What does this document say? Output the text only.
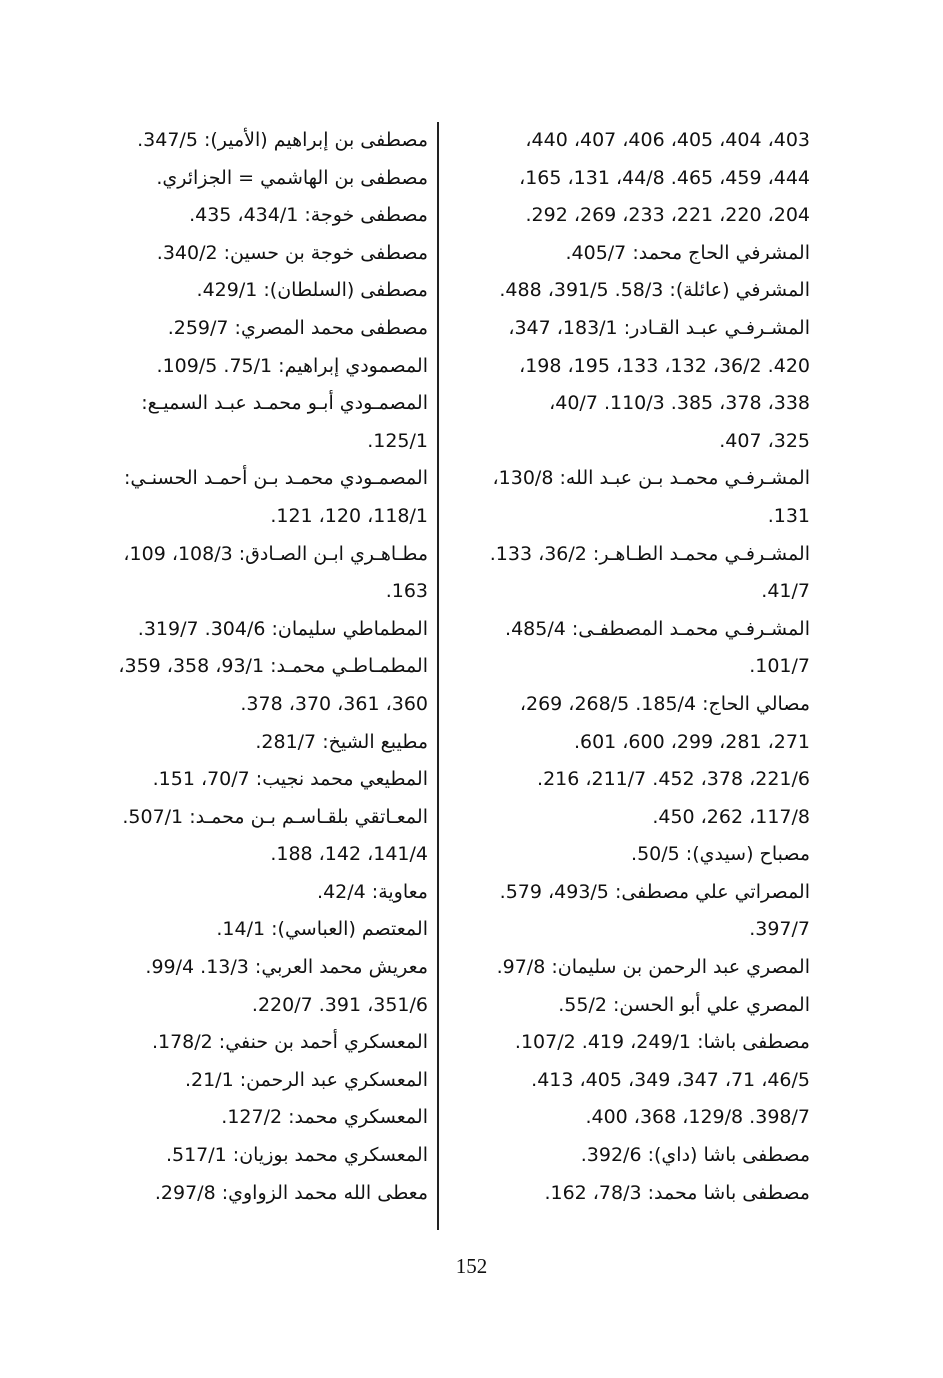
403، 404، 405، 406، 407، 440،
444، 459، 465. 44/8، 131، 165،
204، 220، 221، 233، 269، 292.
المشرفي الحاج محمد: 405/7.
المشرفي (عائلة): 58/3. 391/5، 488.
المشـرفـي عبـد القـادر: 183/1، 347،
420. 36/2، 132، 133، 195، 198،
338، 378، 385. 110/3. 40/7،
325، 407.
المشـرفـي محمـد بـن عبـد الله: 130/8،
131.
المشـرفـي محمـد الطـاهـر: 36/2، 133.
41/7.
المشـرفـي محمـد المصطفـى: 485/4.
101/7.
مصالي الحاج: 185/4. 268/5، 269،
271، 281، 299، 600، 601.
221/6، 378، 452. 211/7، 216.
117/8، 262، 450.
مصباح (سيدي): 50/5.
المصراتي علي مصطفى: 493/5، 579.
397/7.
المصري عبد الرحمن بن سليمان: 97/8.
المصري علي أبو الحسن: 55/2.
مصطفى باشا: 249/1، 419. 107/2.
46/5، 71، 347، 349، 405، 413.
398/7. 129/8، 368، 400.
مصطفى باشا (داي): 392/6.
مصطفى باشا محمد: 78/3، 162.
مصطفى بن إبراهيم (الأمير): 347/5.
مصطفى بن الهاشمي = الجزائري.
مصطفى خوجة: 434/1، 435.
مصطفى خوجة بن حسين: 340/2.
مصطفى (السلطان): 429/1.
مصطفى محمد المصري: 259/7.
المصمودي إبراهيم: 75/1. 109/5.
المصمـودي أبـو محمـد عبـد السميـع:
125/1.
المصمـودي محمـد بـن أحمـد الحسنـي:
118/1، 120، 121.
مطـاهـري ابـن الصـادق: 108/3، 109،
163.
المطماطي سليمان: 304/6. 319/7.
المطمـاطـي محمـد: 93/1، 358، 359،
360، 361، 370، 378.
مطيبع الشيخ: 281/7.
المطيعي محمد نجيب: 70/7، 151.
المعـاتقي بلقـاسـم بـن محمـد: 507/1.
141/4، 142، 188.
معاوية: 42/4.
المعتصم (العباسي): 14/1.
معريش محمد العربي: 13/3. 99/4.
351/6، 391. 220/7.
المعسكري أحمد بن حنفي: 178/2.
المعسكري عبد الرحمن: 21/1.
المعسكري محمد: 127/2.
المعسكري محمد بوزيان: 517/1.
معطى الله محمد الزواوي: 297/8.
152
